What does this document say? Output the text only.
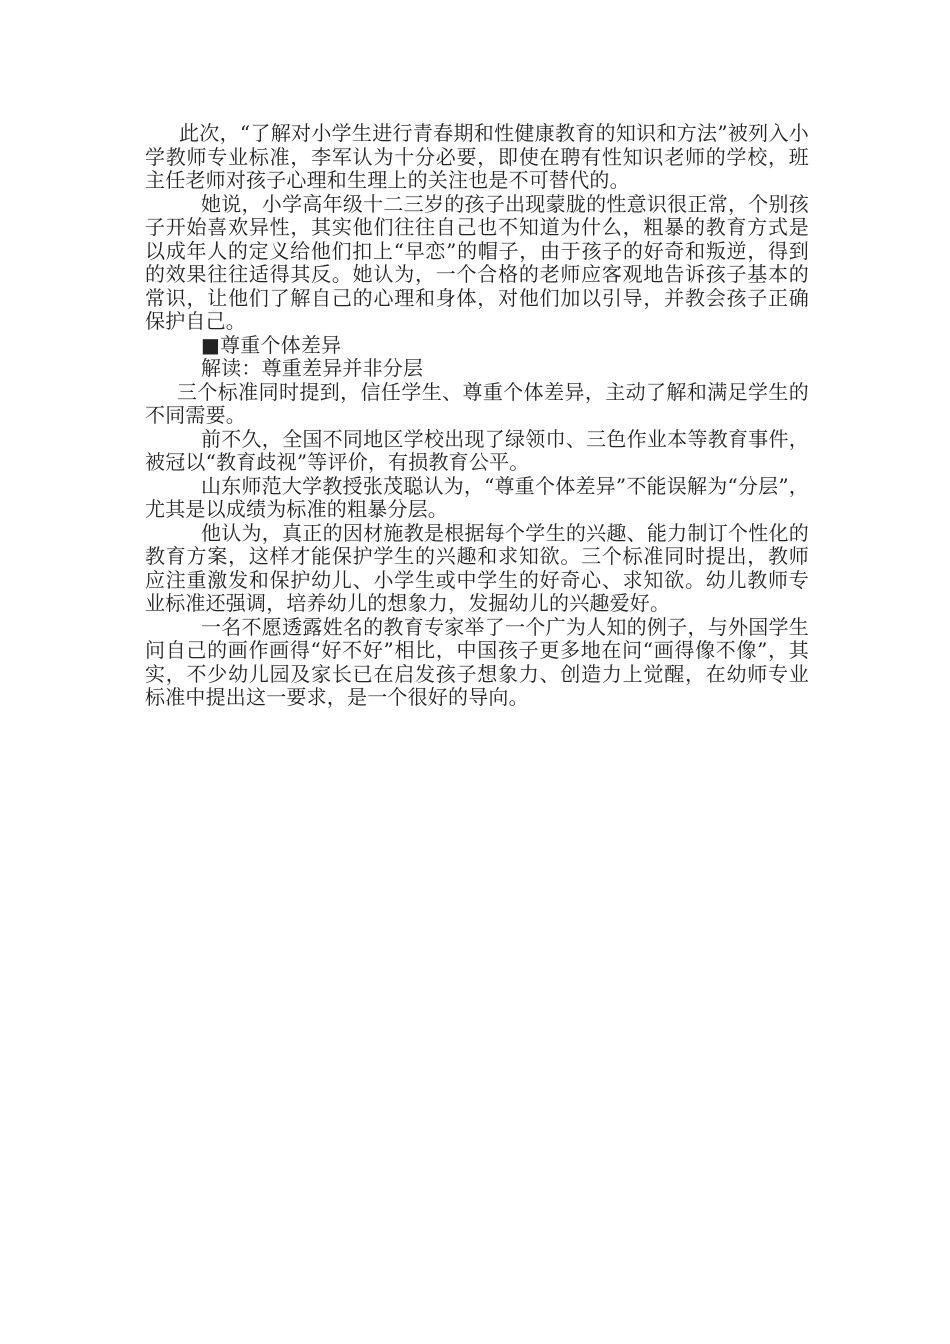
此次，“了解对小学生进行青春期和性健康教育的知识和方法”被列入小学教师专业标准，李军认为十分必要，即使在聘有性知识老师的学校，班主任老师对孩子心理和生理上的关注也是不可替代的。

她说，小学高年级十二三岁的孩子出现蒙胧的性意识很正常，个别孩子开始喜欢异性，其实他们往往自己也不知道为什么，粗暴的教育方式是以成年人的定义给他们扣上“早恋”的帽子，由于孩子的好奇和叛逆，得到的效果往往适得其反。她认为，一个合格的老师应客观地告诉孩子基本的常识，让他们了解自己的心理和身体，对他们加以引导，并教会孩子正确保护自己。

■尊重个体差异

解读：尊重差异并非分层

三个标准同时提到，信任学生、尊重个体差异，主动了解和满足学生的不同需要。

前不久，全国不同地区学校出现了绿领巾、三色作业本等教育事件，被冠以“教育歧视”等评价，有损教育公平。

山东师范大学教授张茂聪认为，“尊重个体差异”不能误解为“分层”，尤其是以成绩为标准的粗暴分层。

他认为，真正的因材施教是根据每个学生的兴趣、能力制订个性化的教育方案，这样才能保护学生的兴趣和求知欲。三个标准同时提出，教师应注重激发和保护幼儿、小学生或中学生的好奇心、求知欲。幼儿教师专业标准还强调，培养幼儿的想象力，发掘幼儿的兴趣爱好。

一名不愿透露姓名的教育专家举了一个广为人知的例子，与外国学生问自己的画作画得“好不好”相比，中国孩子更多地在问“画得像不像”，其实，不少幼儿园及家长已在启发孩子想象力、创造力上觉醒，在幼师专业标准中提出这一要求，是一个很好的导向。
